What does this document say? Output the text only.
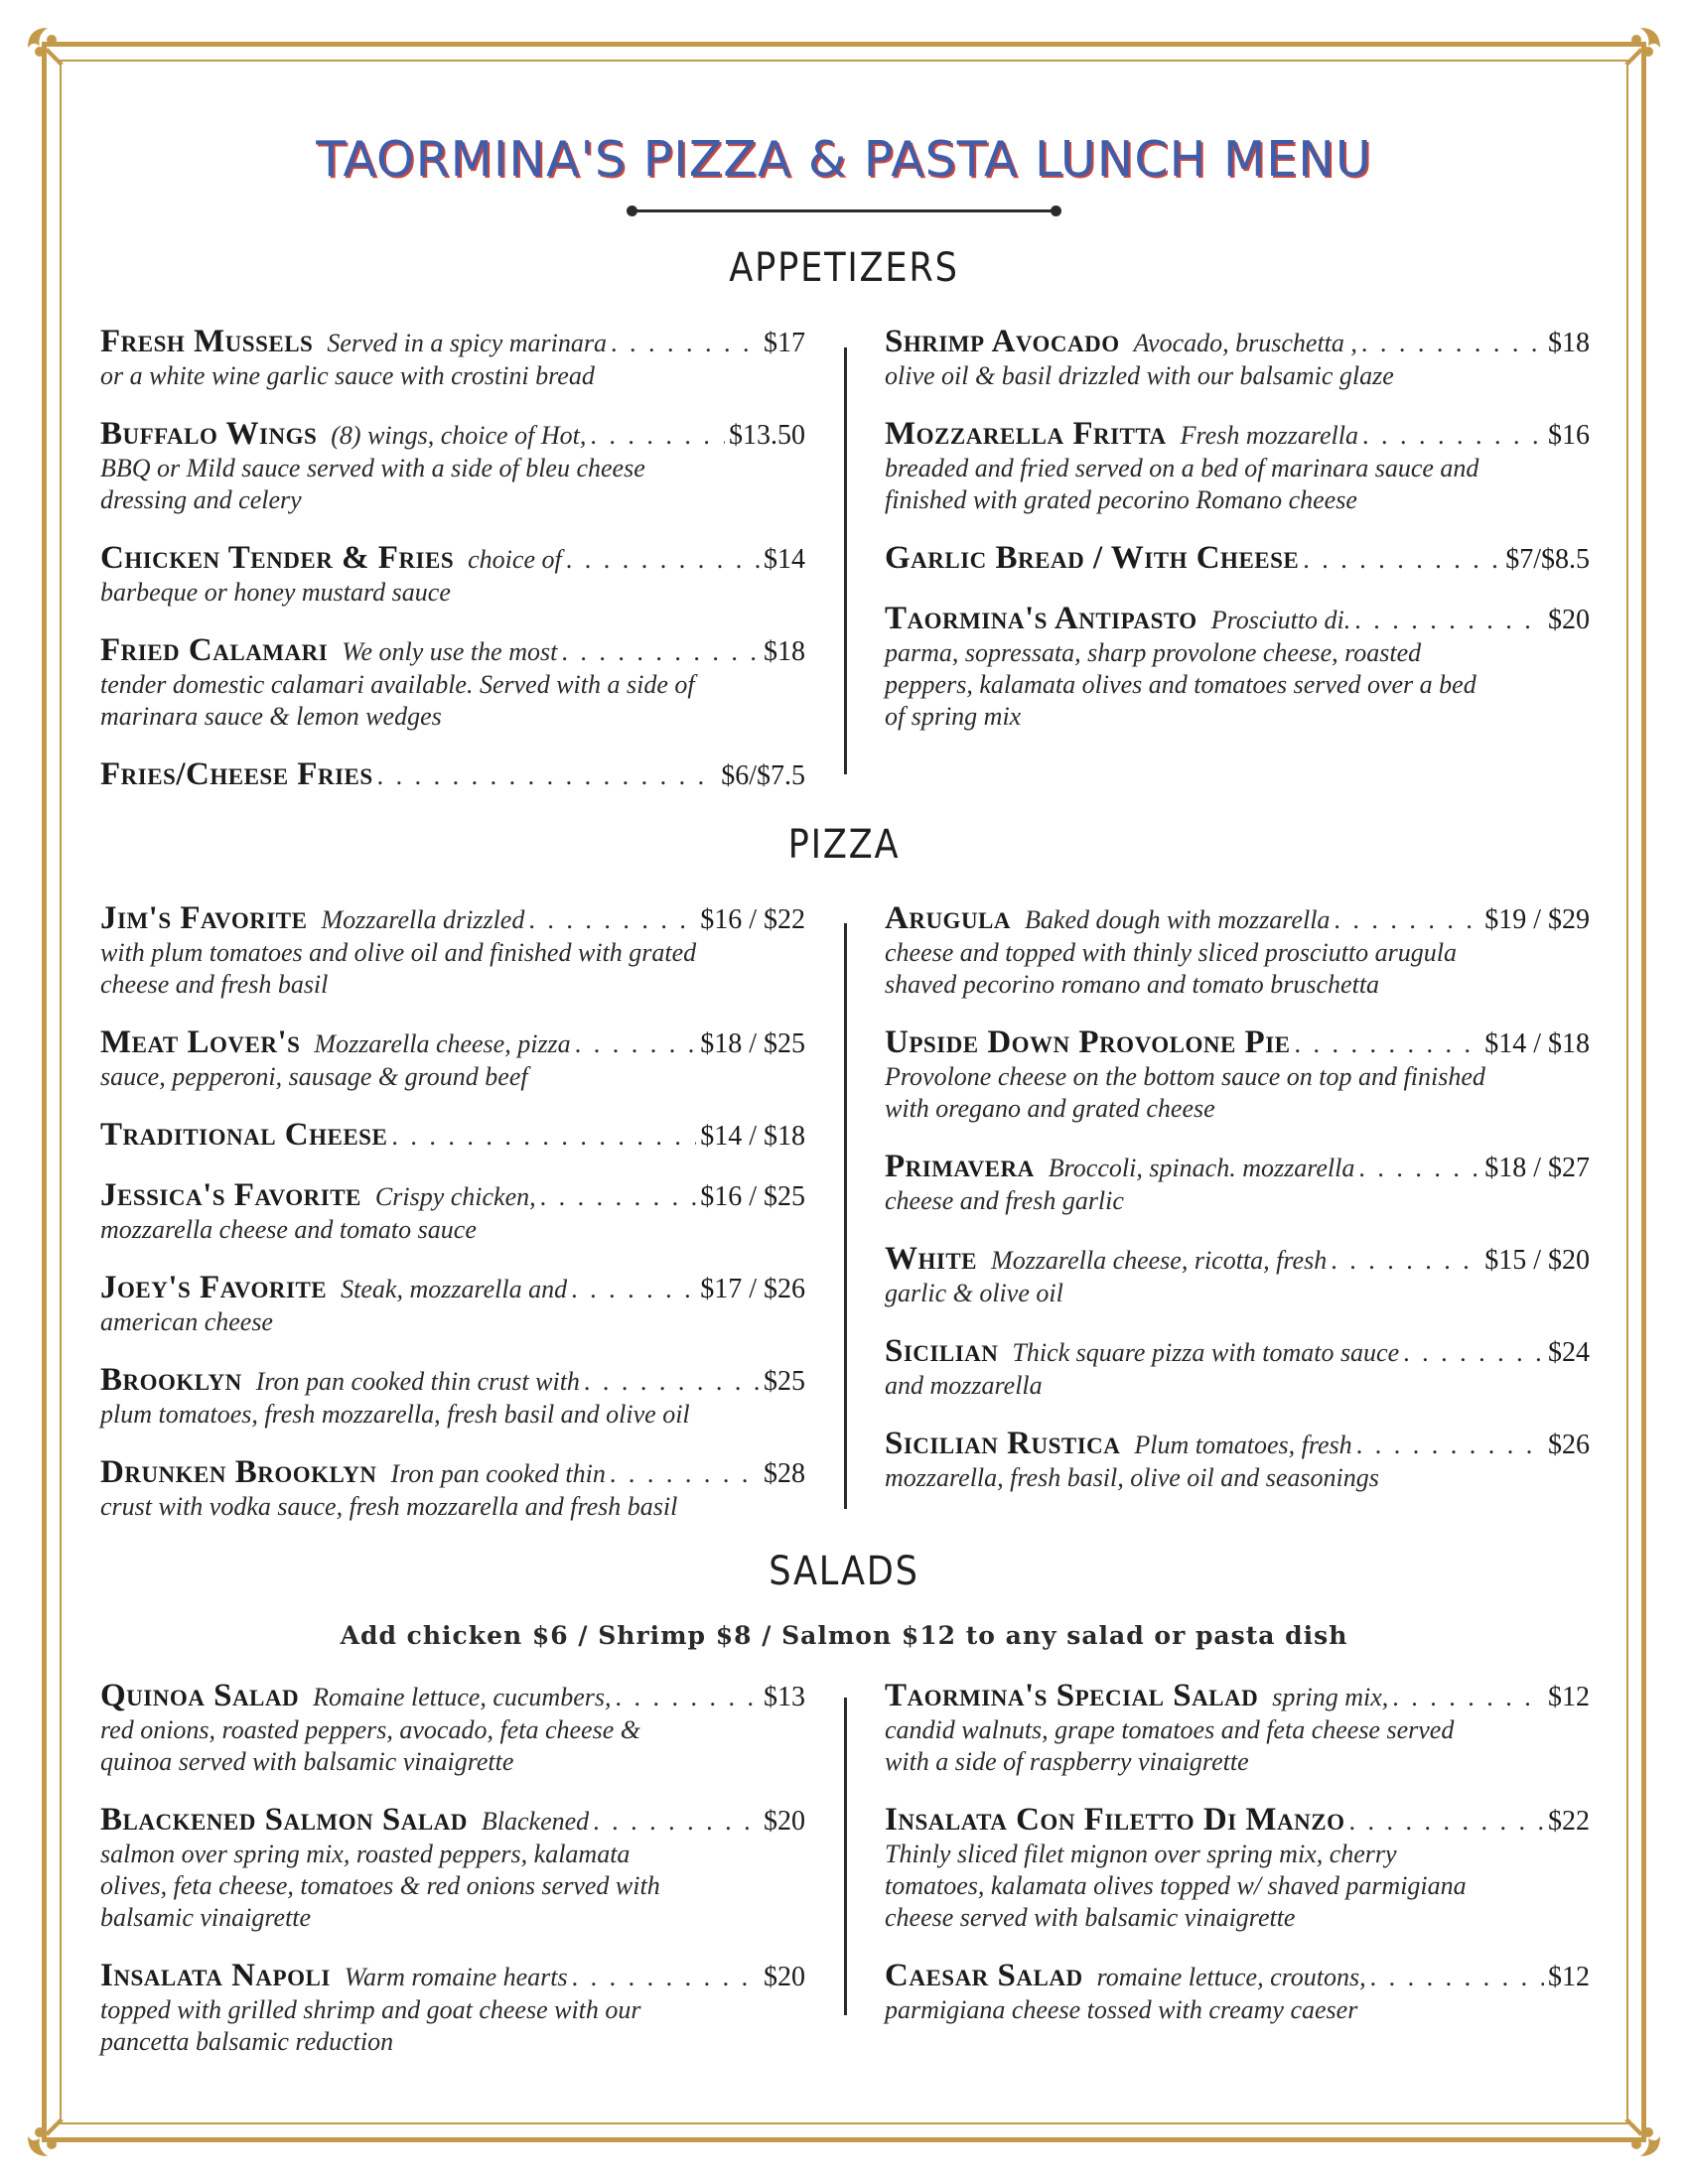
TAORMINA'S PIZZA & PASTA LUNCH MENU
APPETIZERS
Fresh Mussels Served in a spicy marinara . . .	$17
or a white wine garlic sauce with crostini bread
Buffalo Wings (8) wings, choice of Hot, . . .	$13.50
BBQ or Mild sauce served with a side of bleu cheese
dressing and celery
Chicken Tender & Fries choice of . . .	$14
barbeque or honey mustard sauce
Fried Calamari We only use the most . . .	$18
tender domestic calamari available. Served with a side of
marinara sauce & lemon wedges
Fries/Cheese Fries . . .	$6/$7.5
Shrimp Avocado Avocado, bruschetta , . . .	$18
olive oil & basil drizzled with our balsamic glaze
Mozzarella Fritta Fresh mozzarella . . .	$16
breaded and fried served on a bed of marinara sauce and
finished with grated pecorino Romano cheese
Garlic Bread / With Cheese . . .	$7/$8.5
Taormina's Antipasto Prosciutto di. . . .	$20
parma, sopressata, sharp provolone cheese, roasted
peppers, kalamata olives and tomatoes served over a bed
of spring mix
PIZZA
Jim's Favorite Mozzarella drizzled . . .	$16 / $22
with plum tomatoes and olive oil and finished with grated
cheese and fresh basil
Meat Lover's Mozzarella cheese, pizza . . .	$18 / $25
sauce, pepperoni, sausage & ground beef
Traditional Cheese . . .	$14 / $18
Jessica's Favorite Crispy chicken, . . .	$16 / $25
mozzarella cheese and tomato sauce
Joey's Favorite Steak, mozzarella and . . .	$17 / $26
american cheese
Brooklyn Iron pan cooked thin crust with . . .	$25
plum tomatoes, fresh mozzarella, fresh basil and olive oil
Drunken Brooklyn Iron pan cooked thin . . .	$28
crust with vodka sauce, fresh mozzarella and fresh basil
Arugula Baked dough with mozzarella . . .	$19 / $29
cheese and topped with thinly sliced prosciutto arugula
shaved pecorino romano and tomato bruschetta
Upside Down Provolone Pie . . .	$14 / $18
Provolone cheese on the bottom sauce on top and finished
with oregano and grated cheese
Primavera Broccoli, spinach. mozzarella . . .	$18 / $27
cheese and fresh garlic
White Mozzarella cheese, ricotta, fresh . . .	$15 / $20
garlic & olive oil
Sicilian Thick square pizza with tomato sauce . . .	$24
and mozzarella
Sicilian Rustica Plum tomatoes, fresh . . .	$26
mozzarella, fresh basil, olive oil and seasonings
SALADS
Add chicken $6 / Shrimp $8 / Salmon $12 to any salad or pasta dish
Quinoa Salad Romaine lettuce, cucumbers, . . .	$13
red onions, roasted peppers, avocado, feta cheese &
quinoa served with balsamic vinaigrette
Blackened Salmon Salad Blackened . . .	$20
salmon over spring mix, roasted peppers, kalamata
olives, feta cheese, tomatoes & red onions served with
balsamic vinaigrette
Insalata Napoli Warm romaine hearts . . .	$20
topped with grilled shrimp and goat cheese with our
pancetta balsamic reduction
Taormina's Special Salad spring mix, . . .	$12
candid walnuts, grape tomatoes and feta cheese served
with a side of raspberry vinaigrette
Insalata Con Filetto Di Manzo . . .	$22
Thinly sliced filet mignon over spring mix, cherry
tomatoes, kalamata olives topped w/ shaved parmigiana
cheese served with balsamic vinaigrette
Caesar Salad romaine lettuce, croutons, . . .	$12
parmigiana cheese tossed with creamy caeser
